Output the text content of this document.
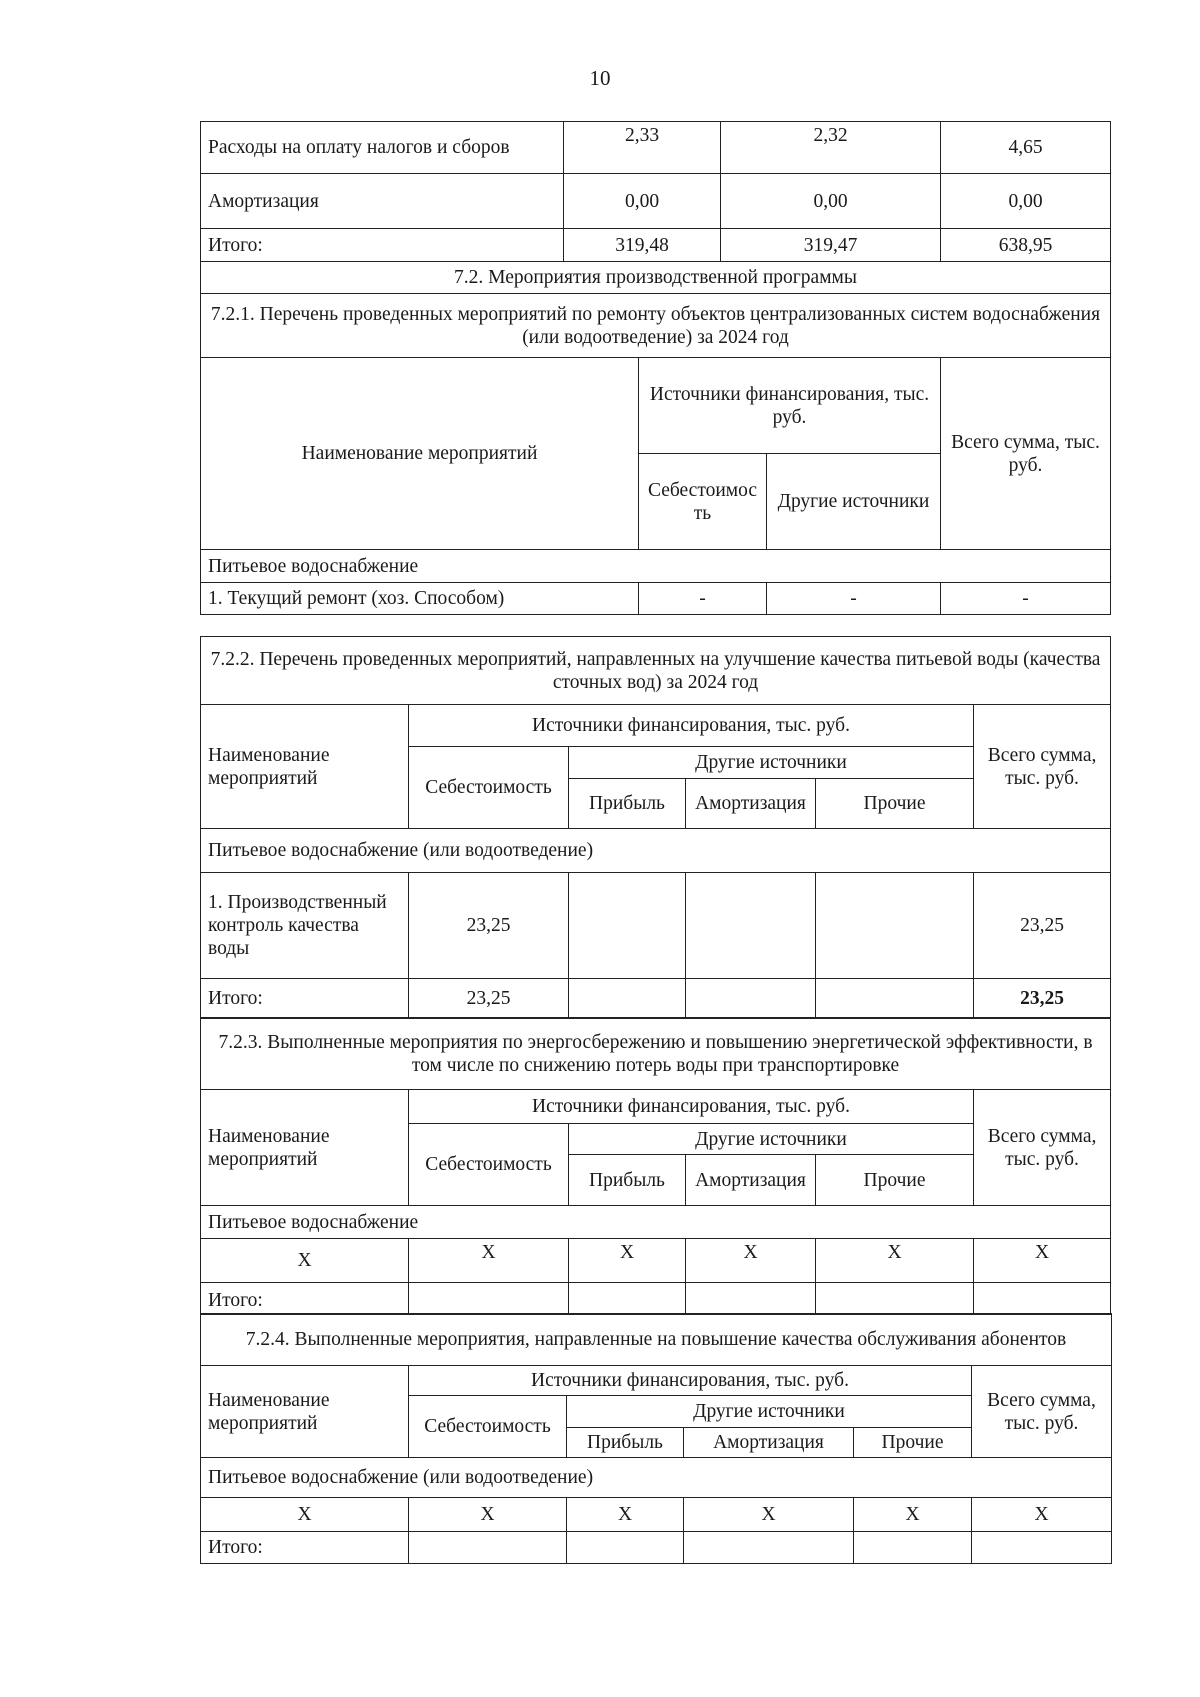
10
Расходы на оплату налогов и сборов	2,33		2,32		4,65
Амортизация	0,00		0,00		0,00
Итого:	319,48		319,47		638,95
7.2. Мероприятия производственной программы					
7.2.1. Перечень проведенных мероприятий по ремонту объектов централизованных систем водоснабжения (или водоотведение) за 2024 год					
Наименование мероприятий		Источники финансирования, тыс. руб.			Всего сумма, тыс. руб.
		Себестоимость		Другие источники	
Питьевое водоснабжение					
1. Текущий ремонт (хоз. Способом)		-		-	-
7.2.2. Перечень проведенных мероприятий, направленных на улучшение качества питьевой воды (качества сточных вод) за 2024 год					
Наименование мероприятий	Источники финансирования, тыс. руб.				Всего сумма, тыс. руб.
	Себестоимость	Другие источники			
		Прибыль	Амортизация	Прочие	
Питьевое водоснабжение (или водоотведение)					
1. Производственный контроль качества воды	23,25				23,25
Итого:	23,25				23,25
7.2.3. Выполненные мероприятия по энергосбережению и повышению энергетической эффективности, в том числе по снижению потерь воды при транспортировке					
Наименование мероприятий	Источники финансирования, тыс. руб.				Всего сумма, тыс. руб.
	Себестоимость	Другие источники			
		Прибыль	Амортизация	Прочие	
Питьевое водоснабжение					
X	X	X	X	X	X
Итого:					
7.2.4. Выполненные мероприятия, направленные на повышение качества обслуживания абонентов					
Наименование мероприятий	Источники финансирования, тыс. руб.				Всего сумма, тыс. руб.
	Себестоимость	Другие источники			
		Прибыль	Амортизация	Прочие	
Питьевое водоснабжение (или водоотведение)					
X	X	X	X	X	X
Итого:					
